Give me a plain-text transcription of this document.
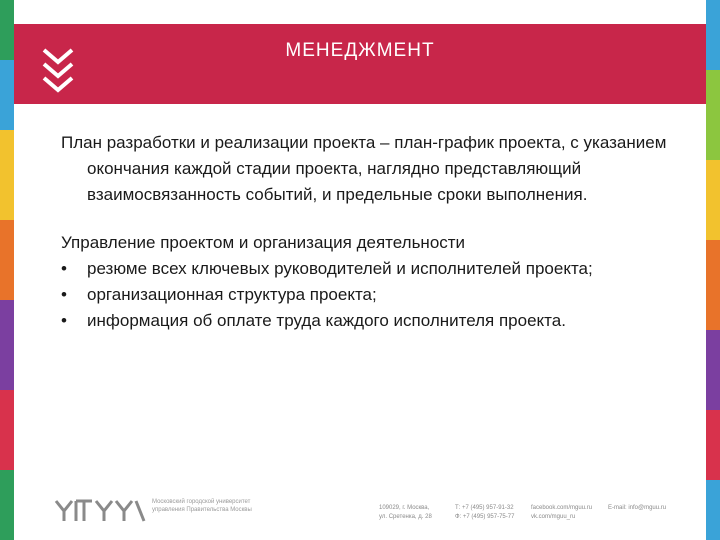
МЕНЕДЖМЕНТ

План разработки и реализации проекта – план-график проекта, с указанием окончания каждой стадии проекта, наглядно представляющий взаимосвязанность событий, и предельные сроки выполнения.

Управление проектом и организация деятельности

• резюме всех ключевых руководителей и исполнителей проекта;
• организационная структура проекта;
• информация об оплате труда каждого исполнителя проекта.
Московский городской университет управления Правительства Москвы	109029, г. Москва,
ул. Сретенка, д. 28
Т: +7 (495) 957-91-32
Ф: +7 (495) 957-75-77
facebook.com/mguu.ru
vk.com/mguu_ru
E-mail: info@mguu.ru
